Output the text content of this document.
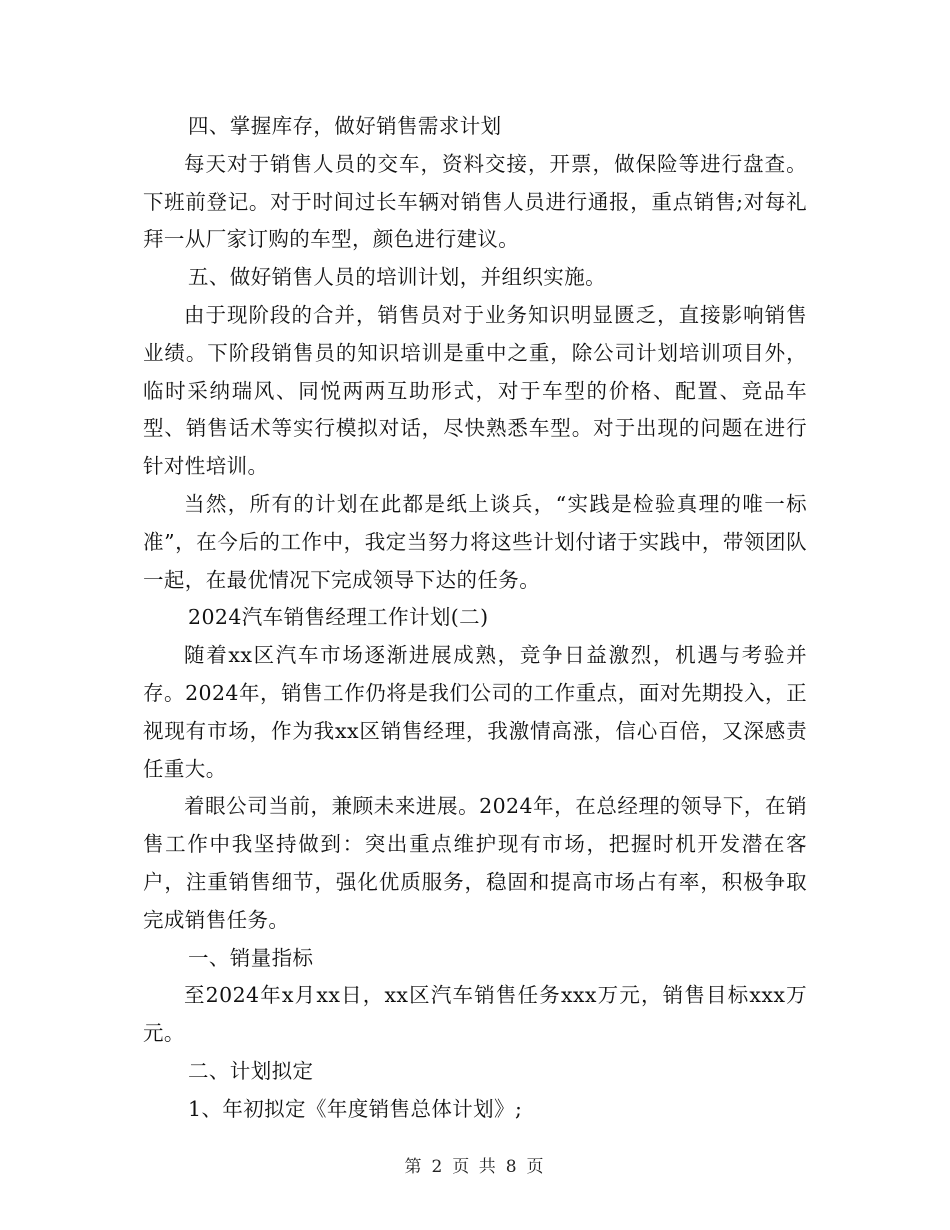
四、掌握库存，做好销售需求计划

每天对于销售人员的交车，资料交接，开票，做保险等进行盘查。下班前登记。对于时间过长车辆对销售人员进行通报，重点销售;对每礼拜一从厂家订购的车型，颜色进行建议。

五、做好销售人员的培训计划，并组织实施。

由于现阶段的合并，销售员对于业务知识明显匮乏，直接影响销售业绩。下阶段销售员的知识培训是重中之重，除公司计划培训项目外，临时采纳瑞风、同悦两两互助形式，对于车型的价格、配置、竞品车型、销售话术等实行模拟对话，尽快熟悉车型。对于出现的问题在进行针对性培训。

当然，所有的计划在此都是纸上谈兵，“实践是检验真理的唯一标准”，在今后的工作中，我定当努力将这些计划付诸于实践中，带领团队一起，在最优情况下完成领导下达的任务。

2024汽车销售经理工作计划(二)

随着xx区汽车市场逐渐进展成熟，竞争日益激烈，机遇与考验并存。2024年，销售工作仍将是我们公司的工作重点，面对先期投入，正视现有市场，作为我xx区销售经理，我激情高涨，信心百倍，又深感责任重大。

着眼公司当前，兼顾未来进展。2024年，在总经理的领导下，在销售工作中我坚持做到：突出重点维护现有市场，把握时机开发潜在客户，注重销售细节，强化优质服务，稳固和提高市场占有率，积极争取完成销售任务。

一、销量指标

至2024年x月xx日，xx区汽车销售任务xxx万元，销售目标xxx万元。

二、计划拟定

1、年初拟定《年度销售总体计划》;

第 2 页 共 8 页
